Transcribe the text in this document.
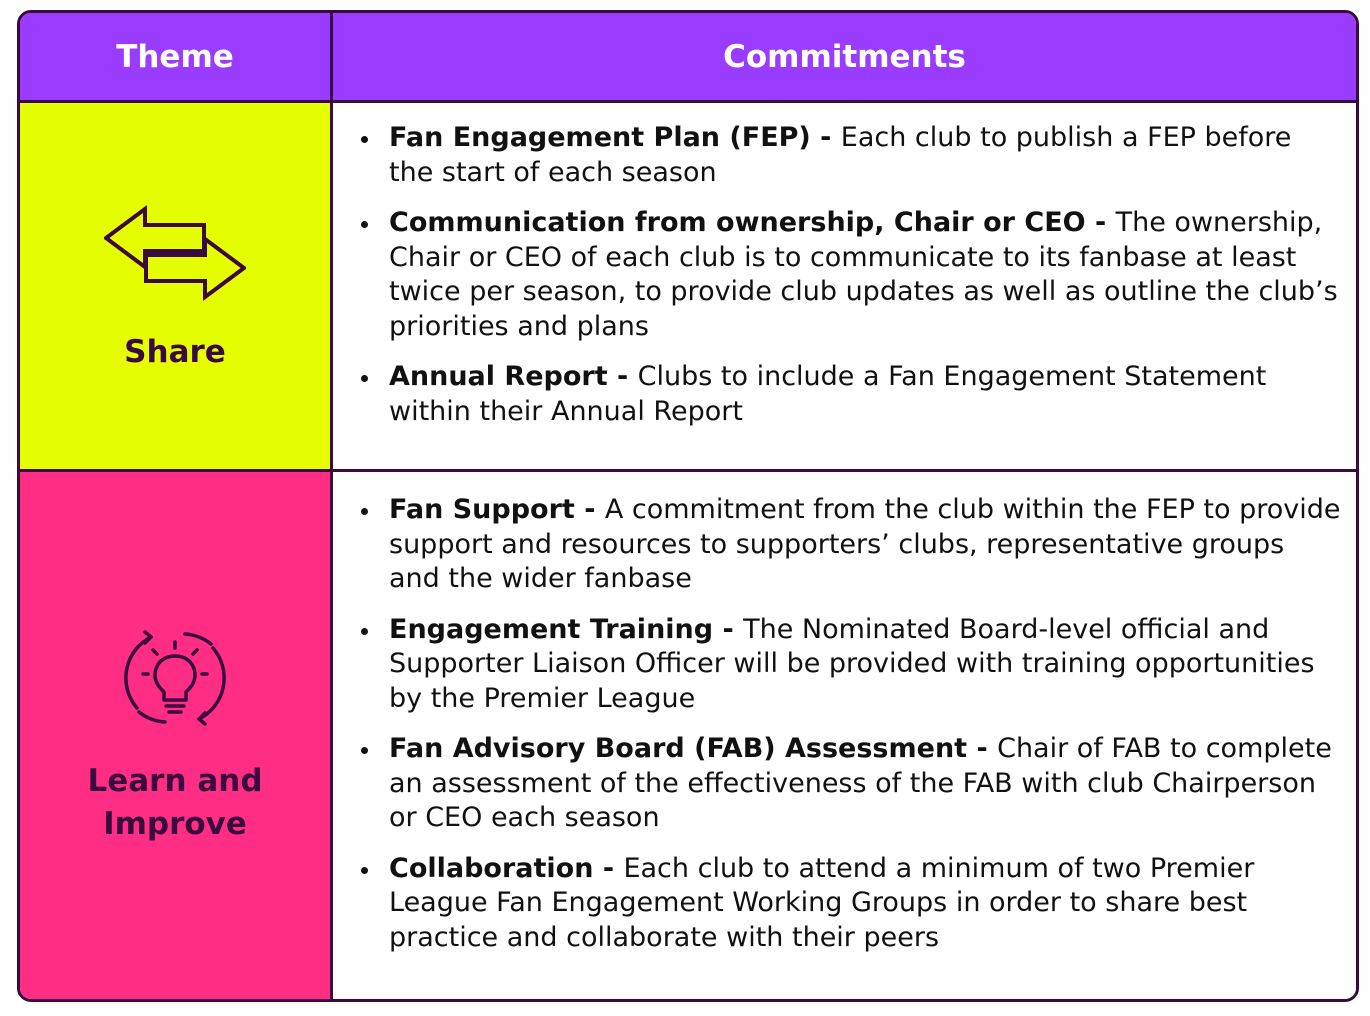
Theme	Commitments
Share
Fan Engagement Plan (FEP) - Each club to publish a FEP before the start of each season
Communication from ownership, Chair or CEO - The ownership, Chair or CEO of each club is to communicate to its fanbase at least twice per season, to provide club updates as well as outline the club’s priorities and plans
Annual Report - Clubs to include a Fan Engagement Statement within their Annual Report
Learn and Improve
Fan Support - A commitment from the club within the FEP to provide support and resources to supporters’ clubs, representative groups and the wider fanbase
Engagement Training - The Nominated Board-level official and Supporter Liaison Officer will be provided with training opportunities by the Premier League
Fan Advisory Board (FAB) Assessment - Chair of FAB to complete an assessment of the effectiveness of the FAB with club Chairperson or CEO each season
Collaboration - Each club to attend a minimum of two Premier League Fan Engagement Working Groups in order to share best practice and collaborate with their peers
